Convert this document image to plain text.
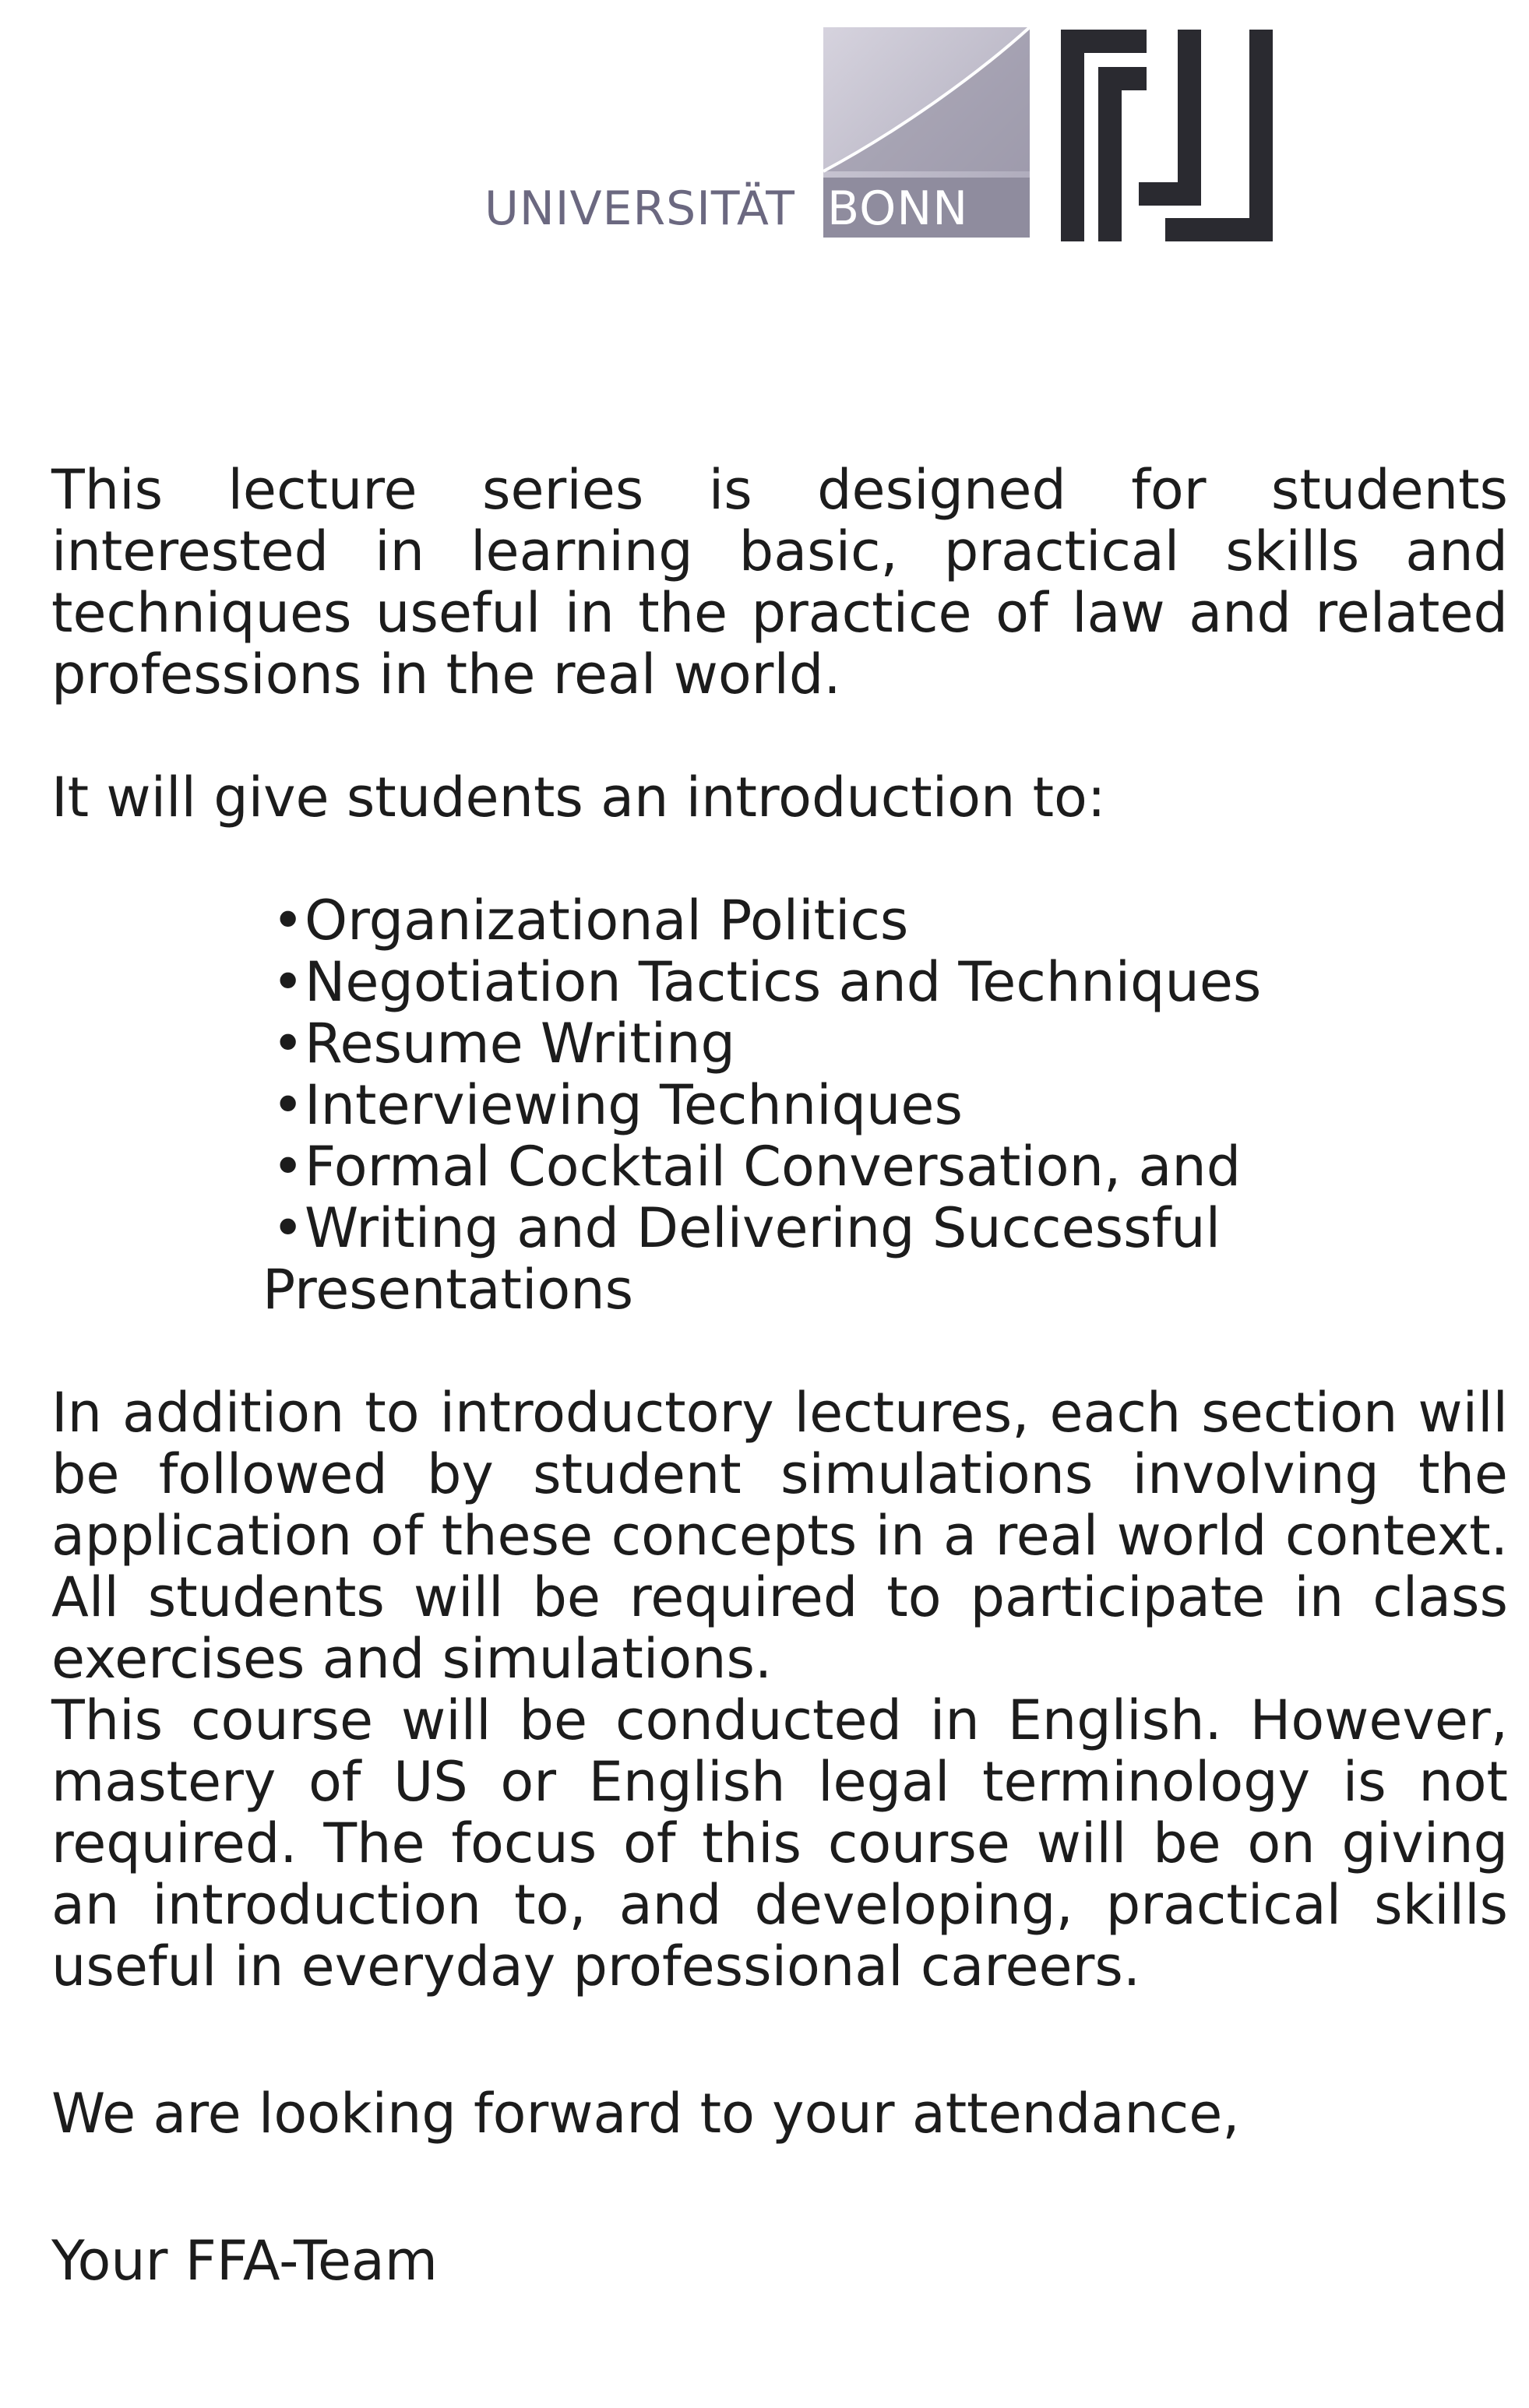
UNIVERSITÄT BONN

This lecture series is designed for students interested in learning basic, practical skills and techniques useful in the practice of law and related professions in the real world.

It will give students an introduction to:

•Organizational Politics
•Negotiation Tactics and Techniques
•Resume Writing
•Interviewing Techniques
•Formal Cocktail Conversation, and
•Writing and Delivering Successful
Presentations

In addition to introductory lectures, each section will be followed by student simulations involving the application of these concepts in a real world context. All students will be required to participate in class exercises and simulations.

This course will be conducted in English. However, mastery of US or English legal terminology is not required. The focus of this course will be on giving an introduction to, and developing, practical skills useful in everyday professional careers.

We are looking forward to your attendance,

Your FFA-Team
